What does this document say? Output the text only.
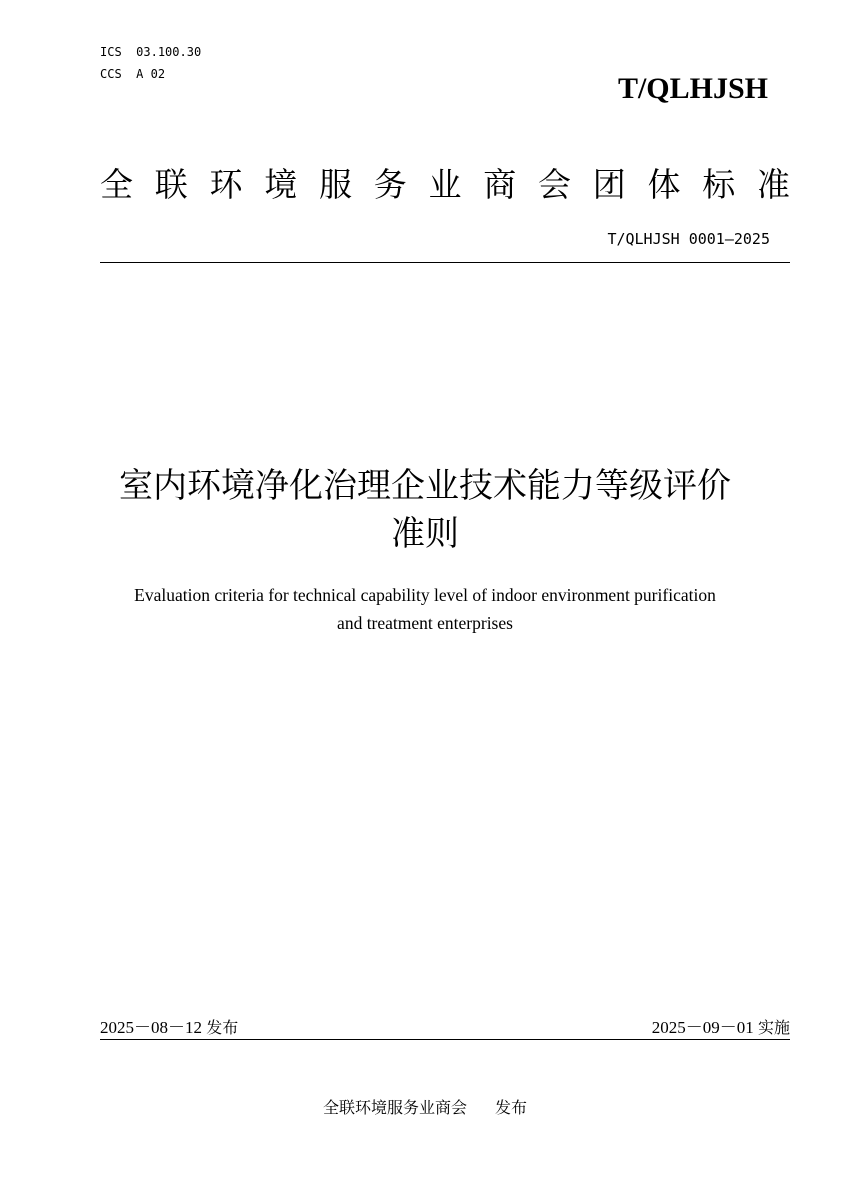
ICS 03.100.30
CCS A 02	T/QLHJSH
全 联 环 境 服 务 业 商 会 团 体 标 准
T/QLHJSH 0001—2025
室内环境净化治理企业技术能力等级评价
准则
Evaluation criteria for technical capability level of indoor environment purification
and treatment enterprises
2025－08－12 发布	2025－09－01 实施
全联环境服务业商会 发布
